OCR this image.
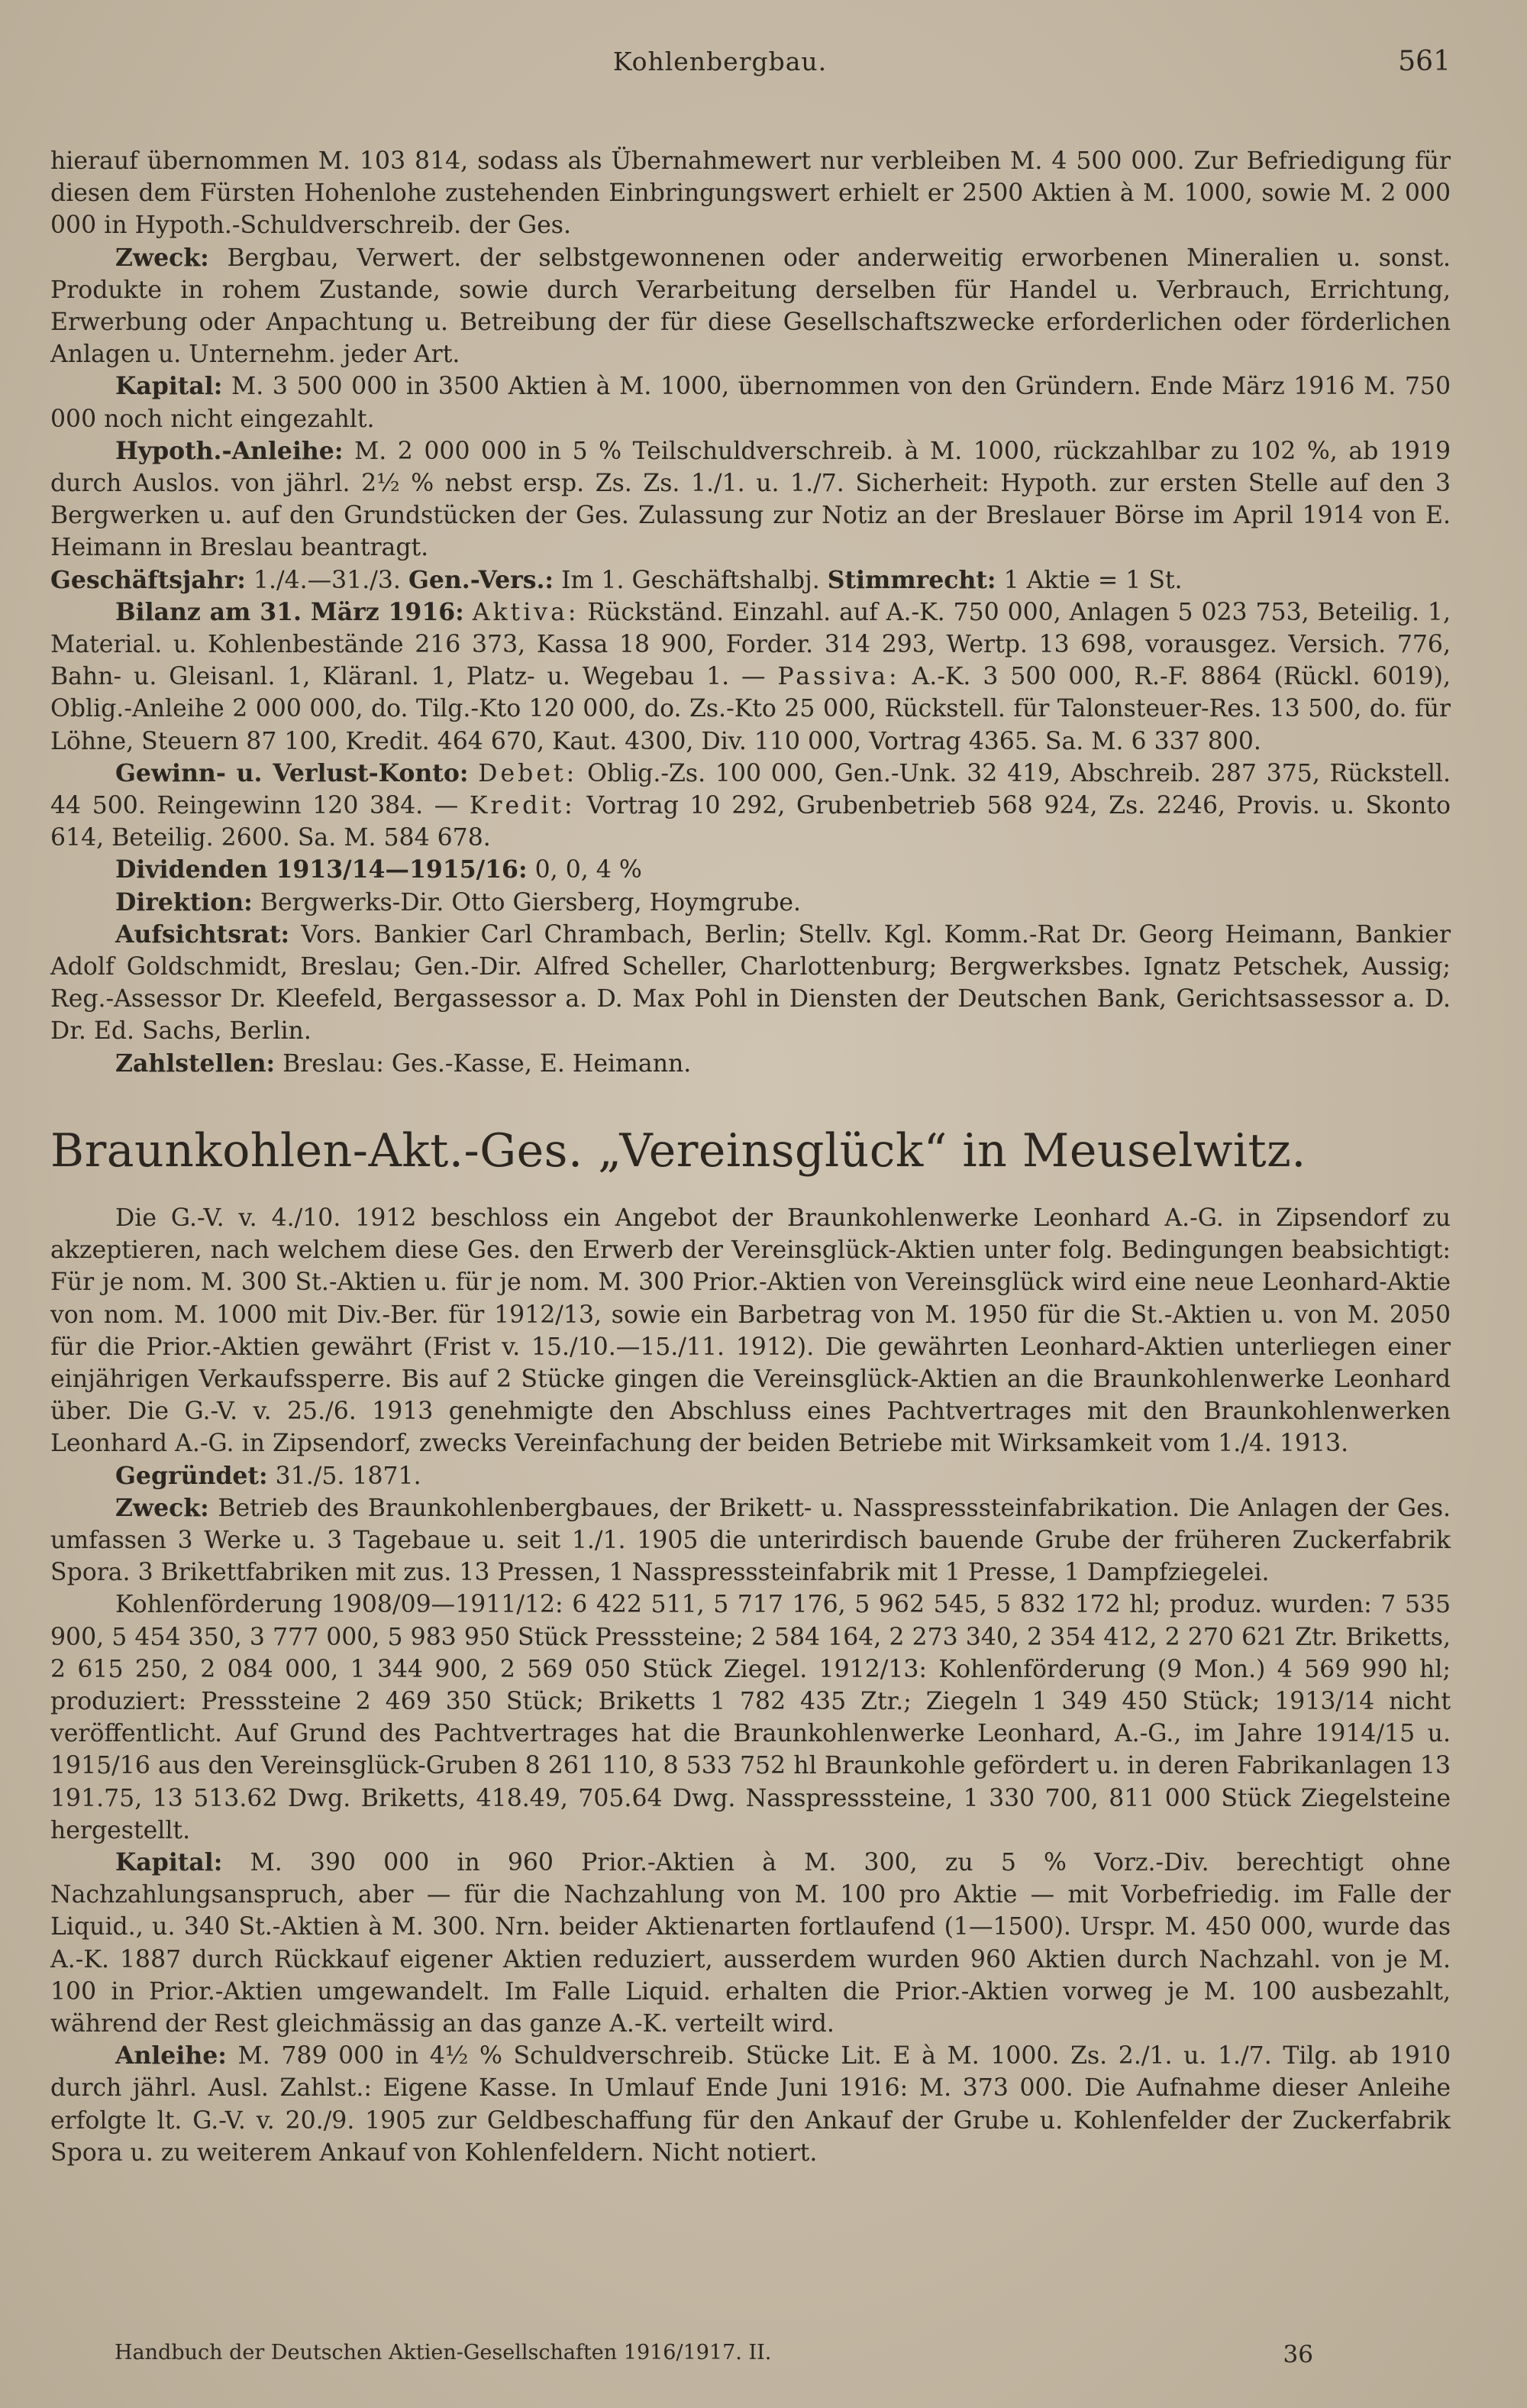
Kohlenbergbau.	561

hierauf übernommen M. 103 814, sodass als Übernahmewert nur verbleiben M. 4 500 000. Zur Befriedigung für diesen dem Fürsten Hohenlohe zustehenden Einbringungswert erhielt er 2500 Aktien à M. 1000, sowie M. 2 000 000 in Hypoth.-Schuldverschreib. der Ges.

Zweck: Bergbau, Verwert. der selbstgewonnenen oder anderweitig erworbenen Mineralien u. sonst. Produkte in rohem Zustande, sowie durch Verarbeitung derselben für Handel u. Verbrauch, Errichtung, Erwerbung oder Anpachtung u. Betreibung der für diese Gesellschaftszwecke erforderlichen oder förderlichen Anlagen u. Unternehm. jeder Art.

Kapital: M. 3 500 000 in 3500 Aktien à M. 1000, übernommen von den Gründern. Ende März 1916 M. 750 000 noch nicht eingezahlt.

Hypoth.-Anleihe: M. 2 000 000 in 5 % Teilschuldverschreib. à M. 1000, rückzahlbar zu 102 %, ab 1919 durch Auslos. von jährl. 2½ % nebst ersp. Zs. Zs. 1./1. u. 1./7. Sicherheit: Hypoth. zur ersten Stelle auf den 3 Bergwerken u. auf den Grundstücken der Ges. Zulassung zur Notiz an der Breslauer Börse im April 1914 von E. Heimann in Breslau beantragt.

Geschäftsjahr: 1./4.—31./3. Gen.-Vers.: Im 1. Geschäftshalbj. Stimmrecht: 1 Aktie = 1 St.

Bilanz am 31. März 1916: Aktiva: Rückständ. Einzahl. auf A.-K. 750 000, Anlagen 5 023 753, Beteilig. 1, Material. u. Kohlenbestände 216 373, Kassa 18 900, Forder. 314 293, Wertp. 13 698, vorausgez. Versich. 776, Bahn- u. Gleisanl. 1, Kläranl. 1, Platz- u. Wegebau 1. — Passiva: A.-K. 3 500 000, R.-F. 8864 (Rückl. 6019), Oblig.-Anleihe 2 000 000, do. Tilg.-Kto 120 000, do. Zs.-Kto 25 000, Rückstell. für Talonsteuer-Res. 13 500, do. für Löhne, Steuern 87 100, Kredit. 464 670, Kaut. 4300, Div. 110 000, Vortrag 4365. Sa. M. 6 337 800.

Gewinn- u. Verlust-Konto: Debet: Oblig.-Zs. 100 000, Gen.-Unk. 32 419, Abschreib. 287 375, Rückstell. 44 500. Reingewinn 120 384. — Kredit: Vortrag 10 292, Grubenbetrieb 568 924, Zs. 2246, Provis. u. Skonto 614, Beteilig. 2600. Sa. M. 584 678.

Dividenden 1913/14—1915/16: 0, 0, 4 %

Direktion: Bergwerks-Dir. Otto Giersberg, Hoymgrube.

Aufsichtsrat: Vors. Bankier Carl Chrambach, Berlin; Stellv. Kgl. Komm.-Rat Dr. Georg Heimann, Bankier Adolf Goldschmidt, Breslau; Gen.-Dir. Alfred Scheller, Charlottenburg; Bergwerksbes. Ignatz Petschek, Aussig; Reg.-Assessor Dr. Kleefeld, Bergassessor a. D. Max Pohl in Diensten der Deutschen Bank, Gerichtsassessor a. D. Dr. Ed. Sachs, Berlin.

Zahlstellen: Breslau: Ges.-Kasse, E. Heimann.

Braunkohlen-Akt.-Ges. „Vereinsglück“ in Meuselwitz.

Die G.-V. v. 4./10. 1912 beschloss ein Angebot der Braunkohlenwerke Leonhard A.-G. in Zipsendorf zu akzeptieren, nach welchem diese Ges. den Erwerb der Vereinsglück-Aktien unter folg. Bedingungen beabsichtigt: Für je nom. M. 300 St.-Aktien u. für je nom. M. 300 Prior.-Aktien von Vereinsglück wird eine neue Leonhard-Aktie von nom. M. 1000 mit Div.-Ber. für 1912/13, sowie ein Barbetrag von M. 1950 für die St.-Aktien u. von M. 2050 für die Prior.-Aktien gewährt (Frist v. 15./10.—15./11. 1912). Die gewährten Leonhard-Aktien unterliegen einer einjährigen Verkaufssperre. Bis auf 2 Stücke gingen die Vereinsglück-Aktien an die Braunkohlenwerke Leonhard über. Die G.-V. v. 25./6. 1913 genehmigte den Abschluss eines Pachtvertrages mit den Braunkohlenwerken Leonhard A.-G. in Zipsendorf, zwecks Vereinfachung der beiden Betriebe mit Wirksamkeit vom 1./4. 1913.

Gegründet: 31./5. 1871.

Zweck: Betrieb des Braunkohlenbergbaues, der Brikett- u. Nasspresssteinfabrikation. Die Anlagen der Ges. umfassen 3 Werke u. 3 Tagebaue u. seit 1./1. 1905 die unterirdisch bauende Grube der früheren Zuckerfabrik Spora. 3 Brikettfabriken mit zus. 13 Pressen, 1 Nasspresssteinfabrik mit 1 Presse, 1 Dampfziegelei.

Kohlenförderung 1908/09—1911/12: 6 422 511, 5 717 176, 5 962 545, 5 832 172 hl; produz. wurden: 7 535 900, 5 454 350, 3 777 000, 5 983 950 Stück Presssteine; 2 584 164, 2 273 340, 2 354 412, 2 270 621 Ztr. Briketts, 2 615 250, 2 084 000, 1 344 900, 2 569 050 Stück Ziegel. 1912/13: Kohlenförderung (9 Mon.) 4 569 990 hl; produziert: Presssteine 2 469 350 Stück; Briketts 1 782 435 Ztr.; Ziegeln 1 349 450 Stück; 1913/14 nicht veröffentlicht. Auf Grund des Pachtvertrages hat die Braunkohlenwerke Leonhard, A.-G., im Jahre 1914/15 u. 1915/16 aus den Vereinsglück-Gruben 8 261 110, 8 533 752 hl Braunkohle gefördert u. in deren Fabrikanlagen 13 191.75, 13 513.62 Dwg. Briketts, 418.49, 705.64 Dwg. Nasspresssteine, 1 330 700, 811 000 Stück Ziegelsteine hergestellt.

Kapital: M. 390 000 in 960 Prior.-Aktien à M. 300, zu 5 % Vorz.-Div. berechtigt ohne Nachzahlungsanspruch, aber — für die Nachzahlung von M. 100 pro Aktie — mit Vorbefriedig. im Falle der Liquid., u. 340 St.-Aktien à M. 300. Nrn. beider Aktienarten fortlaufend (1—1500). Urspr. M. 450 000, wurde das A.-K. 1887 durch Rückkauf eigener Aktien reduziert, ausserdem wurden 960 Aktien durch Nachzahl. von je M. 100 in Prior.-Aktien umgewandelt. Im Falle Liquid. erhalten die Prior.-Aktien vorweg je M. 100 ausbezahlt, während der Rest gleichmässig an das ganze A.-K. verteilt wird.

Anleihe: M. 789 000 in 4½ % Schuldverschreib. Stücke Lit. E à M. 1000. Zs. 2./1. u. 1./7. Tilg. ab 1910 durch jährl. Ausl. Zahlst.: Eigene Kasse. In Umlauf Ende Juni 1916: M. 373 000. Die Aufnahme dieser Anleihe erfolgte lt. G.-V. v. 20./9. 1905 zur Geldbeschaffung für den Ankauf der Grube u. Kohlenfelder der Zuckerfabrik Spora u. zu weiterem Ankauf von Kohlenfeldern. Nicht notiert.

Handbuch der Deutschen Aktien-Gesellschaften 1916/1917. II.	36
